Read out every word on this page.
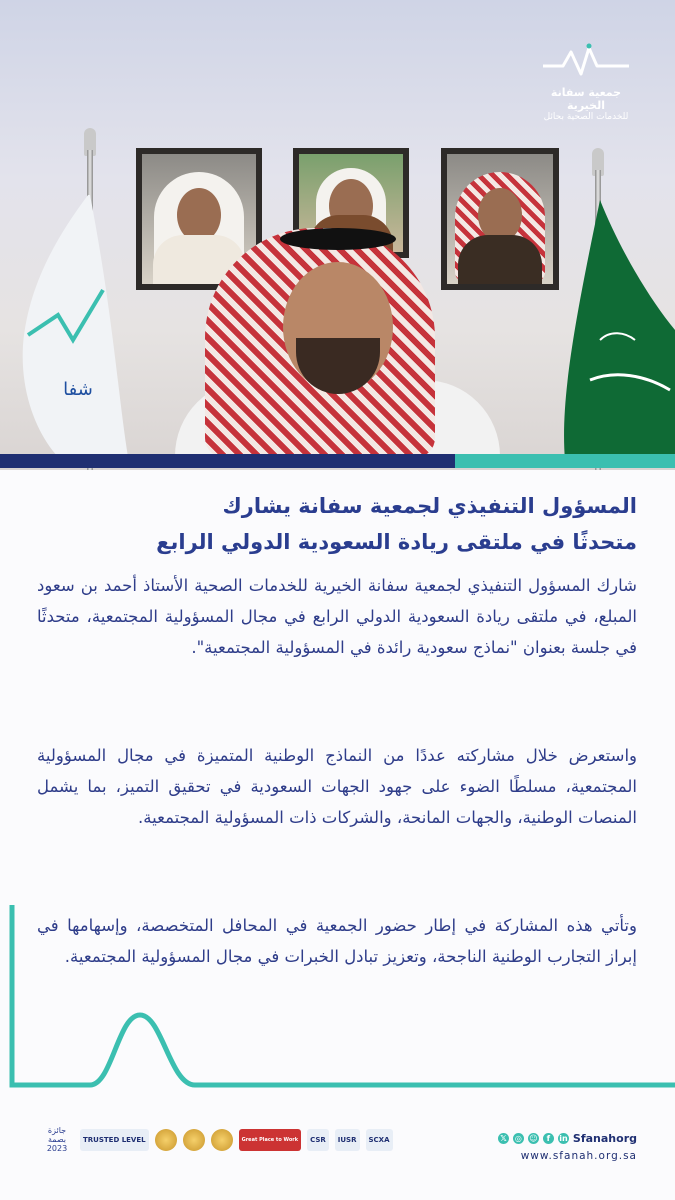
شفا
جمعية سفانة الخيرية
للخدمات الصحية بحائل
المسؤول التنفيذي لجمعية سفانة يشارك
متحدثًا في ملتقى ريادة السعودية الدولي الرابع
شارك المسؤول التنفيذي لجمعية سفانة الخيرية للخدمات الصحية الأستاذ أحمد بن سعود المبلع، في ملتقى ريادة السعودية الدولي الرابع في مجال المسؤولية المجتمعية، متحدثًا في جلسة بعنوان "نماذج سعودية رائدة في المسؤولية المجتمعية".
واستعرض خلال مشاركته عددًا من النماذج الوطنية المتميزة في مجال المسؤولية المجتمعية، مسلطًا الضوء على جهود الجهات السعودية في تحقيق التميز، بما يشمل المنصات الوطنية، والجهات المانحة، والشركات ذات المسؤولية المجتمعية.
وتأتي هذه المشاركة في إطار حضور الجمعية في المحافل المتخصصة، وإسهامها في إبراز التجارب الوطنية الناجحة، وتعزيز تبادل الخبرات في مجال المسؤولية المجتمعية.
جائزة بصمة 2023
TRUSTED LEVEL	Great Place to Work	CSR	IUSR	SCXA	𝕏 ◎ ☺	f	in Sfanahorg
www.sfanah.org.sa
